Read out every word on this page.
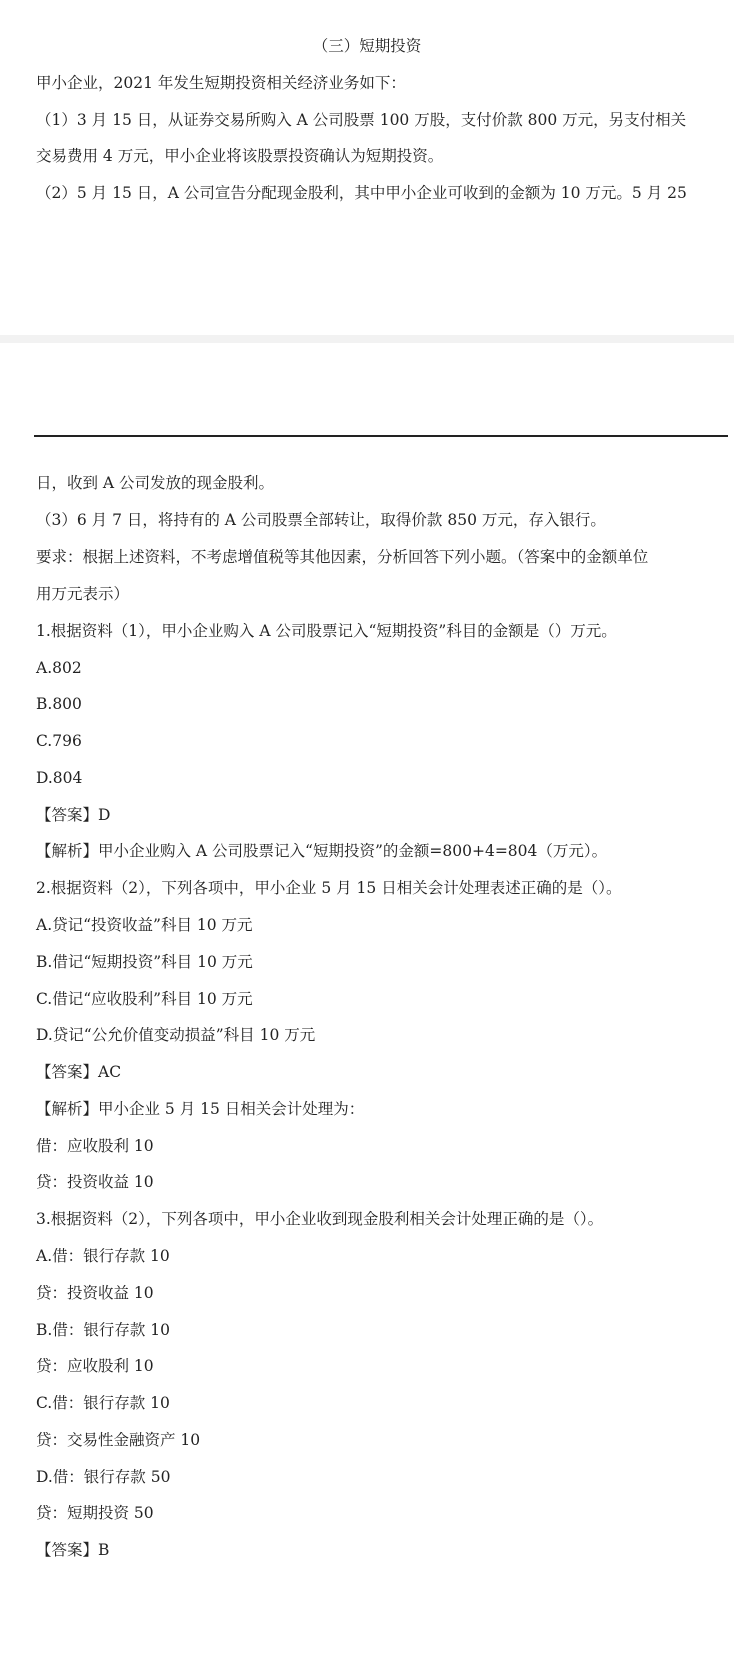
（三）短期投资
甲小企业，2021 年发生短期投资相关经济业务如下：
（1）3 月 15 日，从证券交易所购入 A 公司股票 100 万股，支付价款 800 万元，另支付相关
交易费用 4 万元，甲小企业将该股票投资确认为短期投资。
（2）5 月 15 日，A 公司宣告分配现金股利，其中甲小企业可收到的金额为 10 万元。5 月 25
日，收到 A 公司发放的现金股利。
（3）6 月 7 日，将持有的 A 公司股票全部转让，取得价款 850 万元，存入银行。
要求：根据上述资料，不考虑增值税等其他因素，分析回答下列小题。（答案中的金额单位
用万元表示）
1.根据资料（1），甲小企业购入 A 公司股票记入“短期投资”科目的金额是（）万元。
A.802
B.800
C.796
D.804
【答案】D
【解析】甲小企业购入 A 公司股票记入“短期投资”的金额=800+4=804（万元）。
2.根据资料（2），下列各项中，甲小企业 5 月 15 日相关会计处理表述正确的是（）。
A.贷记“投资收益”科目 10 万元
B.借记“短期投资”科目 10 万元
C.借记“应收股利”科目 10 万元
D.贷记“公允价值变动损益”科目 10 万元
【答案】AC
【解析】甲小企业 5 月 15 日相关会计处理为：
借：应收股利 10
贷：投资收益 10
3.根据资料（2），下列各项中，甲小企业收到现金股利相关会计处理正确的是（）。
A.借：银行存款 10
贷：投资收益 10
B.借：银行存款 10
贷：应收股利 10
C.借：银行存款 10
贷：交易性金融资产 10
D.借：银行存款 50
贷：短期投资 50
【答案】B
